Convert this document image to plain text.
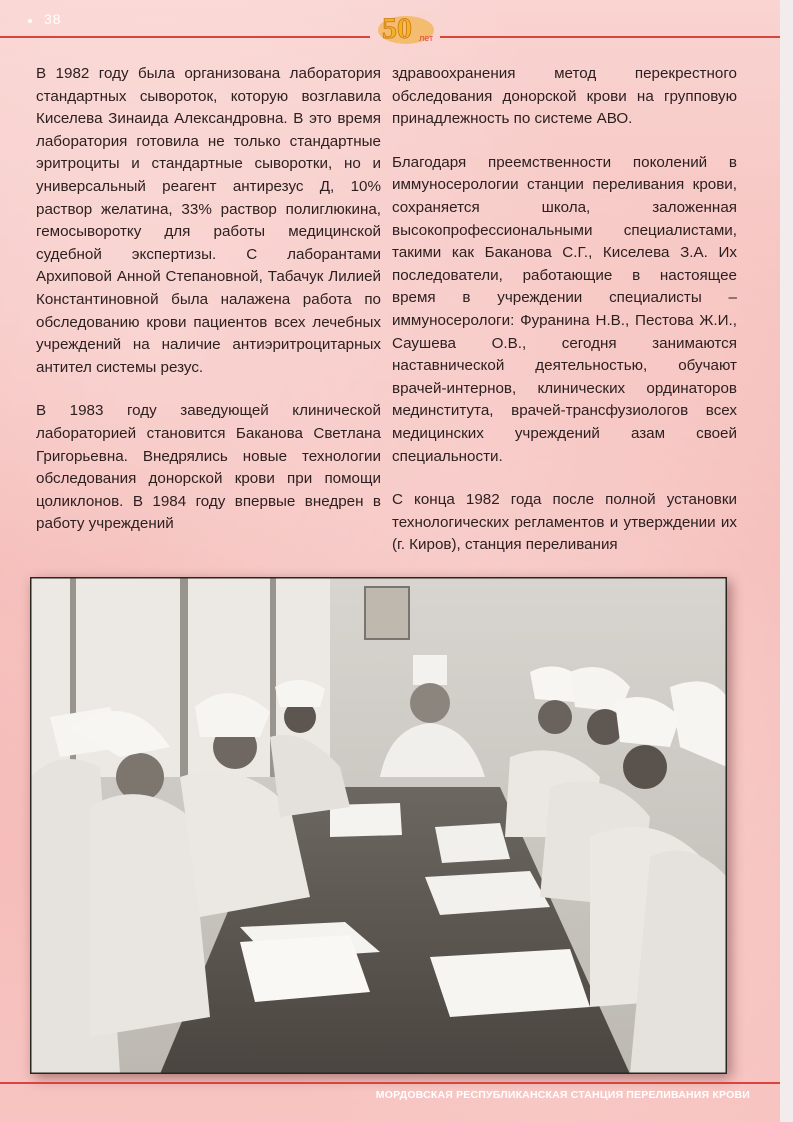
38	50 лет

В 1982 году была организована лаборатория стандартных сывороток, которую возглавила Киселева Зинаида Александровна. В это время лаборатория готовила не только стандартные эритроциты и стандартные сыворотки, но и универсальный реагент антирезус Д, 10% раствор желатина, 33% раствор полиглюкина, гемосыворотку для работы медицинской судебной экспертизы. С лаборантами Архиповой Анной Степановной, Табачук Лилией Константиновной была налажена работа по обследованию крови пациентов всех лечебных учреждений на наличие антиэритроцитарных антител системы резус.

В 1983 году заведующей клинической лабораторией становится Баканова Светлана Григорьевна. Внедрялись новые технологии обследования донорской крови при помощи цоликлонов. В 1984 году впервые внедрен в работу учреждений

здравоохранения метод перекрестного обследования донорской крови на групповую принадлежность по системе АВО.

Благодаря преемственности поколений в иммуносерологии станции переливания крови, сохраняется школа, заложенная высокопрофессиональными специалистами, такими как Баканова С.Г., Киселева З.А. Их последователи, работающие в настоящее время в учреждении специалисты – иммуносерологи: Фуранина Н.В., Пестова Ж.И., Саушева О.В., сегодня занимаются наставнической деятельностью, обучают врачей-интернов, клинических ординаторов мединститута, врачей-трансфузиологов всех медицинских учреждений азам своей специальности.

С конца 1982 года после полной установки технологических регламентов и утверждении их (г. Киров), станция переливания

МОРДОВСКАЯ РЕСПУБЛИКАНСКАЯ СТАНЦИЯ ПЕРЕЛИВАНИЯ КРОВИ
